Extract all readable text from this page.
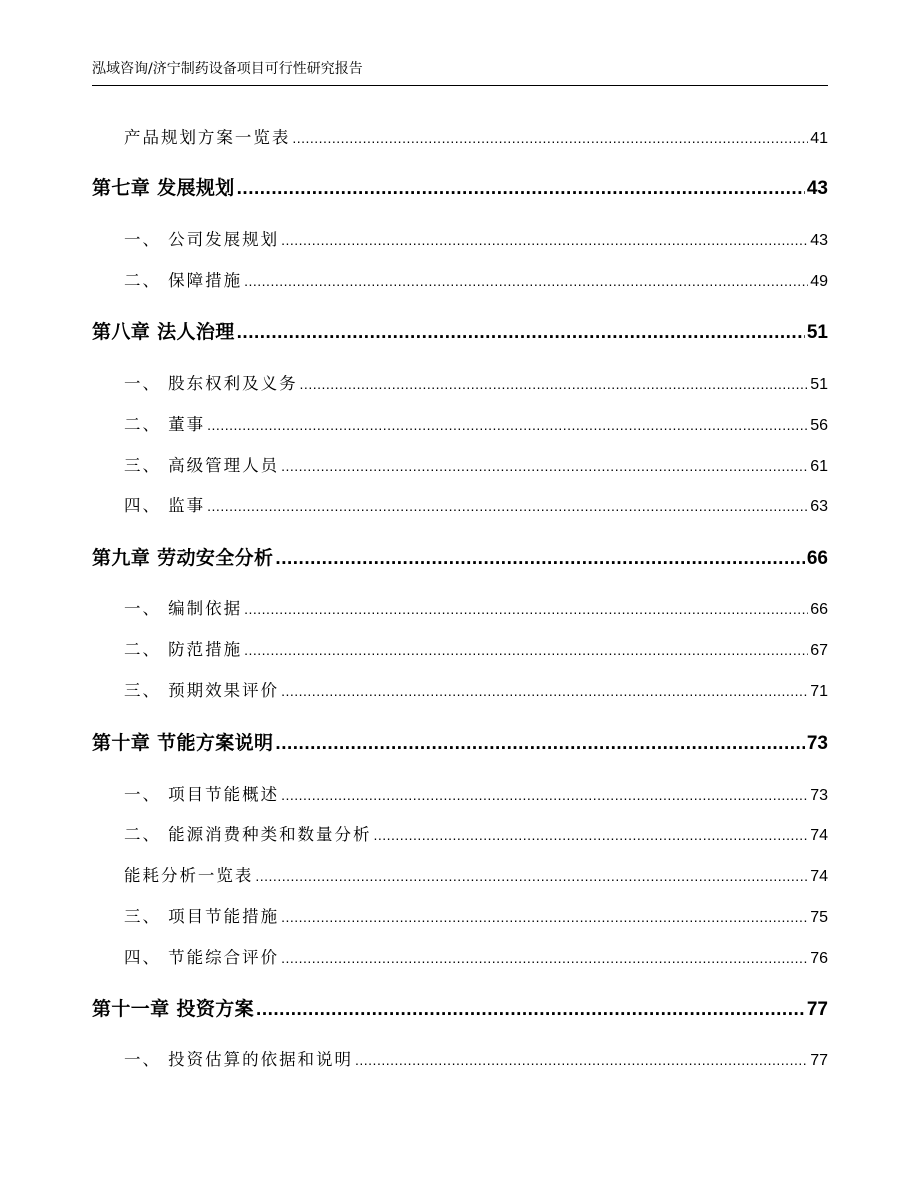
泓域咨询/济宁制药设备项目可行性研究报告
产品规划方案一览表 .....	41
第七章 发展规划 .....	43
一、 公司发展规划 .....	43
二、 保障措施 .....	49
第八章 法人治理 .....	51
一、 股东权利及义务 .....	51
二、 董事 .....	56
三、 高级管理人员 .....	61
四、 监事 .....	63
第九章 劳动安全分析 .....	66
一、 编制依据 .....	66
二、 防范措施 .....	67
三、 预期效果评价 .....	71
第十章 节能方案说明 .....	73
一、 项目节能概述 .....	73
二、 能源消费种类和数量分析 .....	74
能耗分析一览表 .....	74
三、 项目节能措施 .....	75
四、 节能综合评价 .....	76
第十一章 投资方案 .....	77
一、 投资估算的依据和说明 .....	77
